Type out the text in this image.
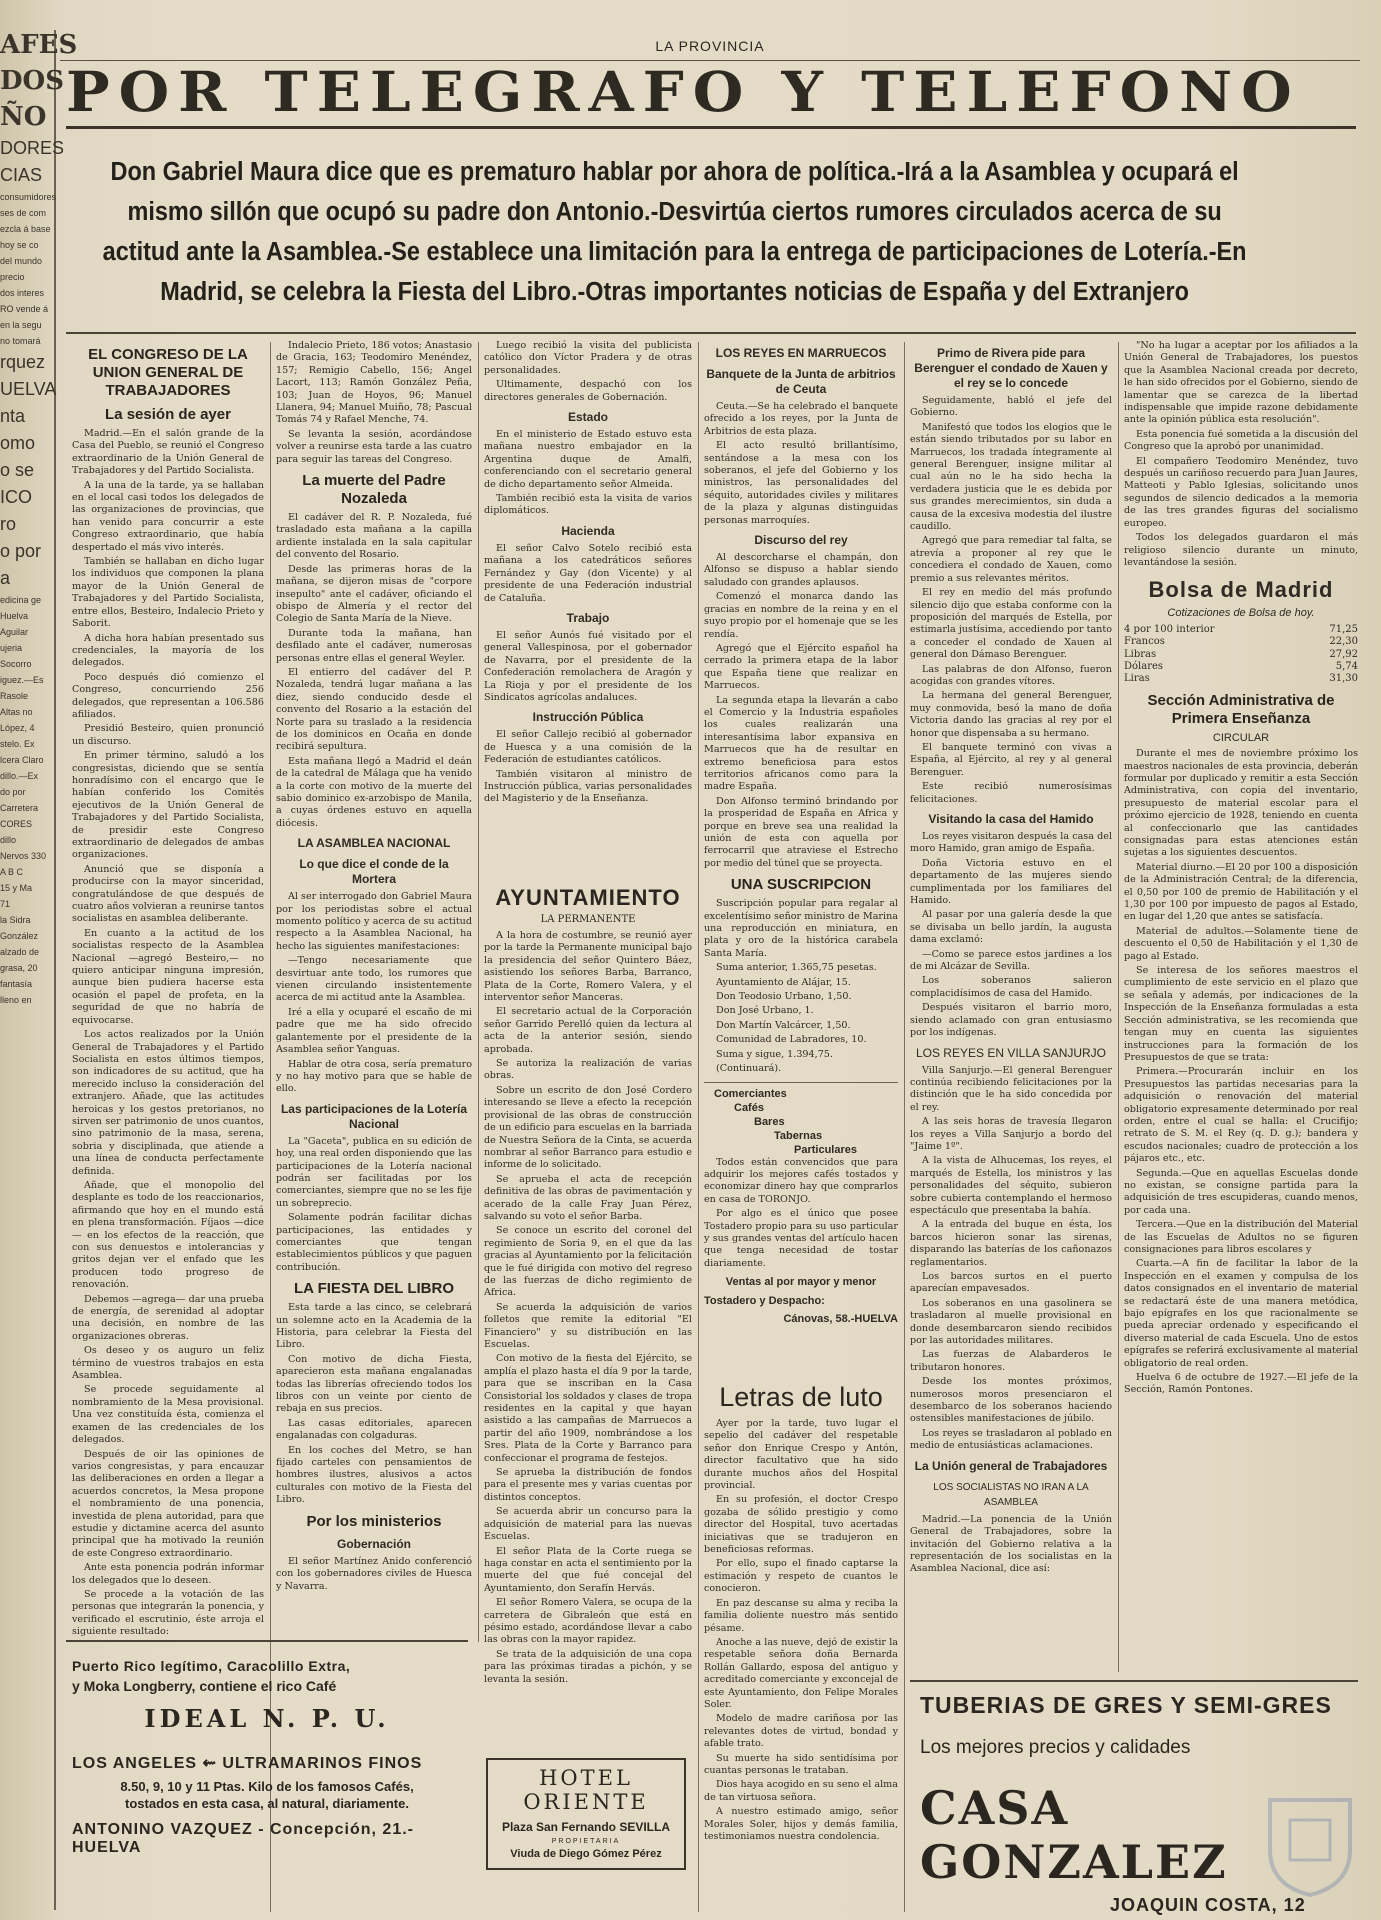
AFES
DOS
ÑO
DORES
CIAS
consumidores
ses de com
ezcla á base
hoy se co
del mundo
precio
dos interes
RO vende á
en la segu
no tomará
rquez
UELVA
nta
omo
o se
ICO
ro
o por
a
edicina ge
Huelva
Aguilar
ujeria
Socorro
iguez.—Es
Rasole
Altas no
López, 4
stelo. Ex
lcera Claro
dillo.—Ex
do por
Carretera
CORES
dillo
Nervos 330
A B C
15 y Ma
71
la Sidra
González
alzado de
grasa, 20
fantasía
lleno en
LA PROVINCIA
POR TELEGRAFO Y TELEFONO
Don Gabriel Maura dice que es prematuro hablar por ahora de política.-Irá a la Asamblea y ocupará el mismo sillón que ocupó su padre don Antonio.-Desvirtúa ciertos rumores circulados acerca de su actitud ante la Asamblea.-Se establece una limitación para la entrega de participaciones de Lotería.-En Madrid, se celebra la Fiesta del Libro.-Otras importantes noticias de España y del Extranjero
EL CONGRESO DE LA UNION GENERAL DE TRABAJADORES
La sesión de ayer

Madrid.—En el salón grande de la Casa del Pueblo, se reunió el Congreso extraordinario de la Unión General de Trabajadores y del Partido Socialista.

A la una de la tarde, ya se hallaban en el local casi todos los delegados de las organizaciones de provincias, que han venido para concurrir a este Congreso extraordinario, que había despertado el más vivo interés.

También se hallaban en dicho lugar los individuos que componen la plana mayor de la Unión General de Trabajadores y del Partido Socialista, entre ellos, Besteiro, Indalecio Prieto y Saborit.

A dicha hora habían presentado sus credenciales, la mayoría de los delegados.

Poco después dió comienzo el Congreso, concurriendo 256 delegados, que representan a 106.586 afiliados.

Presidió Besteiro, quien pronunció un discurso.

En primer término, saludó a los congresistas, diciendo que se sentía honradísimo con el encargo que le habían conferido los Comités ejecutivos de la Unión General de Trabajadores y del Partido Socialista, de presidir este Congreso extraordinario de delegados de ambas organizaciones.

Anunció que se disponía a producirse con la mayor sinceridad, congratulándose de que después de cuatro años volvieran a reunirse tantos socialistas en asamblea deliberante.

En cuanto a la actitud de los socialistas respecto de la Asamblea Nacional —agregó Besteiro,— no quiero anticipar ninguna impresión, aunque bien pudiera hacerse esta ocasión el papel de profeta, en la seguridad de que no habría de equivocarse.

Los actos realizados por la Unión General de Trabajadores y el Partido Socialista en estos últimos tiempos, son indicadores de su actitud, que ha merecido incluso la consideración del extranjero. Añade, que las actitudes heroicas y los gestos pretorianos, no sirven ser patrimonio de unos cuantos, sino patrimonio de la masa, serena, sobria y disciplinada, que atiende a una línea de conducta perfectamente definida.

Añade, que el monopolio del desplante es todo de los reaccionarios, afirmando que hoy en el mundo está en plena transformación. Fíjaos —dice— en los efectos de la reacción, que con sus denuestos e intolerancias y gritos dejan ver el enfado que les producen todo progreso de renovación.

Debemos —agrega— dar una prueba de energía, de serenidad al adoptar una decisión, en nombre de las organizaciones obreras.

Os deseo y os auguro un feliz término de vuestros trabajos en esta Asamblea.

Se procede seguidamente al nombramiento de la Mesa provisional. Una vez constituída ésta, comienza el examen de las credenciales de los delegados.

Después de oir las opiniones de varios congresistas, y para encauzar las deliberaciones en orden a llegar a acuerdos concretos, la Mesa propone el nombramiento de una ponencia, investida de plena autoridad, para que estudie y dictamine acerca del asunto principal que ha motivado la reunión de este Congreso extraordinario.

Ante esta ponencia podrán informar los delegados que lo deseen.

Se procede a la votación de las personas que integrarán la ponencia, y verificado el escrutinio, éste arroja el siguiente resultado:

Indalecio Prieto, 186 votos; Anastasio de Gracia, 163; Teodomiro Menéndez, 157; Remigio Cabello, 156; Angel Lacort, 113; Ramón González Peña, 103; Juan de Hoyos, 96; Manuel Llanera, 94; Manuel Muiño, 78; Pascual Tomás 74 y Rafael Menche, 74.

Se levanta la sesión, acordándose volver a reunirse esta tarde a las cuatro para seguir las tareas del Congreso.

La muerte del Padre Nozaleda

El cadáver del R. P. Nozaleda, fué trasladado esta mañana a la capilla ardiente instalada en la sala capitular del convento del Rosario.

Desde las primeras horas de la mañana, se dijeron misas de "corpore insepulto" ante el cadáver, oficiando el obispo de Almería y el rector del Colegio de Santa María de la Nieve.

Durante toda la mañana, han desfilado ante el cadáver, numerosas personas entre ellas el general Weyler.

El entierro del cadáver del P. Nozaleda, tendrá lugar mañana a las diez, siendo conducido desde el convento del Rosario a la estación del Norte para su traslado a la residencia de los dominicos en Ocaña en donde recibirá sepultura.

Esta mañana llegó a Madrid el deán de la catedral de Málaga que ha venido a la corte con motivo de la muerte del sabio dominico ex-arzobispo de Manila, a cuyas órdenes estuvo en aquella diócesis.

LA ASAMBLEA NACIONAL
Lo que dice el conde de la Mortera

Al ser interrogado don Gabriel Maura por los periodistas sobre el actual momento político y acerca de su actitud respecto a la Asamblea Nacional, ha hecho las siguientes manifestaciones:

—Tengo necesariamente que desvirtuar ante todo, los rumores que vienen circulando insistentemente acerca de mi actitud ante la Asamblea.

Iré a ella y ocuparé el escaño de mi padre que me ha sido ofrecido galantemente por el presidente de la Asamblea señor Yanguas.

Hablar de otra cosa, sería prematuro y no hay motivo para que se hable de ello.

Las participaciones de la Lotería Nacional

La "Gaceta", publica en su edición de hoy, una real orden disponiendo que las participaciones de la Lotería nacional podrán ser facilitadas por los comerciantes, siempre que no se les fije un sobreprecio.

Solamente podrán facilitar dichas participaciones, las entidades y comerciantes que tengan establecimientos públicos y que paguen contribución.

LA FIESTA DEL LIBRO

Esta tarde a las cinco, se celebrará un solemne acto en la Academia de la Historia, para celebrar la Fiesta del Libro.

Con motivo de dicha Fiesta, aparecieron esta mañana engalanadas todas las librerías ofreciendo todos los libros con un veinte por ciento de rebaja en sus precios.

Las casas editoriales, aparecen engalanadas con colgaduras.

En los coches del Metro, se han fijado carteles con pensamientos de hombres ilustres, alusivos a actos culturales con motivo de la Fiesta del Libro.

Por los ministerios
Gobernación

El señor Martínez Anido conferenció con los gobernadores civiles de Huesca y Navarra.

Luego recibió la visita del publicista católico don Víctor Pradera y de otras personalidades.

Ultimamente, despachó con los directores generales de Gobernación.

Estado

En el ministerio de Estado estuvo esta mañana nuestro embajador en la Argentina duque de Amalfi, conferenciando con el secretario general de dicho departamento señor Almeida.

También recibió esta la visita de varios diplomáticos.

Hacienda

El señor Calvo Sotelo recibió esta mañana a los catedráticos señores Fernández y Gay (don Vicente) y al presidente de una Federación industrial de Cataluña.

Trabajo

El señor Aunós fué visitado por el general Vallespinosa, por el gobernador de Navarra, por el presidente de la Confederación remolachera de Aragón y La Rioja y por el presidente de los Sindicatos agrícolas andaluces.

Instrucción Pública

El señor Callejo recibió al gobernador de Huesca y a una comisión de la Federación de estudiantes católicos.

También visitaron al ministro de Instrucción pública, varias personalidades del Magisterio y de la Enseñanza.

AYUNTAMIENTO
LA PERMANENTE

A la hora de costumbre, se reunió ayer por la tarde la Permanente municipal bajo la presidencia del señor Quintero Báez, asistiendo los señores Barba, Barranco, Plata de la Corte, Romero Valera, y el interventor señor Manceras.

El secretario actual de la Corporación señor Garrido Perelló quien da lectura al acta de la anterior sesión, siendo aprobada.

Se autoriza la realización de varias obras.

Sobre un escrito de don José Cordero interesando se lleve a efecto la recepción provisional de las obras de construcción de un edificio para escuelas en la barriada de Nuestra Señora de la Cinta, se acuerda nombrar al señor Barranco para estudio e informe de lo solicitado.

Se aprueba el acta de recepción definitiva de las obras de pavimentación y acerado de la calle Fray Juan Pérez, salvando su voto el señor Barba.

Se conoce un escrito del coronel del regimiento de Soria 9, en el que da las gracias al Ayuntamiento por la felicitación que le fué dirigida con motivo del regreso de las fuerzas de dicho regimiento de Africa.

Se acuerda la adquisición de varios folletos que remite la editorial "El Financiero" y su distribución en las Escuelas.

Con motivo de la fiesta del Ejército, se amplía el plazo hasta el día 9 por la tarde, para que se inscriban en la Casa Consistorial los soldados y clases de tropa residentes en la capital y que hayan asistido a las campañas de Marruecos a partir del año 1909, nombrándose a los Sres. Plata de la Corte y Barranco para confeccionar el programa de festejos.

Se aprueba la distribución de fondos para el presente mes y varias cuentas por distintos conceptos.

Se acuerda abrir un concurso para la adquisición de material para las nuevas Escuelas.

El señor Plata de la Corte ruega se haga constar en acta el sentimiento por la muerte del que fué concejal del Ayuntamiento, don Serafín Hervás.

El señor Romero Valera, se ocupa de la carretera de Gibraleón que está en pésimo estado, acordándose llevar a cabo las obras con la mayor rapidez.

Se trata de la adquisición de una copa para las próximas tiradas a pichón, y se levanta la sesión.

LOS REYES EN MARRUECOS
Banquete de la Junta de arbitrios de Ceuta

Ceuta.—Se ha celebrado el banquete ofrecido a los reyes, por la Junta de Arbitrios de esta plaza.

El acto resultó brillantísimo, sentándose a la mesa con los soberanos, el jefe del Gobierno y los ministros, las personalidades del séquito, autoridades civiles y militares de la plaza y algunas distinguidas personas marroquíes.

Discurso del rey

Al descorcharse el champán, don Alfonso se dispuso a hablar siendo saludado con grandes aplausos.

Comenzó el monarca dando las gracias en nombre de la reina y en el suyo propio por el homenaje que se les rendía.

Agregó que el Ejército español ha cerrado la primera etapa de la labor que España tiene que realizar en Marruecos.

La segunda etapa la llevarán a cabo el Comercio y la Industria españoles los cuales realizarán una interesantísima labor expansiva en Marruecos que ha de resultar en extremo beneficiosa para estos territorios africanos como para la madre España.

Don Alfonso terminó brindando por la prosperidad de España en Africa y porque en breve sea una realidad la unión de esta con aquella por ferrocarril que atraviese el Estrecho por medio del túnel que se proyecta.

UNA SUSCRIPCION

Suscripción popular para regalar al excelentísimo señor ministro de Marina una reproducción en miniatura, en plata y oro de la histórica carabela Santa María.

Suma anterior, 1.365,75 pesetas.

Ayuntamiento de Alájar, 15.

Don Teodosio Urbano, 1,50.

Don José Urbano, 1.

Don Martín Valcárcer, 1,50.

Comunidad de Labradores, 10.

Suma y sigue, 1.394,75.

(Continuará).

Comerciantes
Cafés
Bares
Tabernas
Particulares

Todos están convencidos que para adquirir los mejores cafés tostados y economizar dinero hay que comprarlos en casa de TORONJO.

Por algo es el único que posee Tostadero propio para su uso particular y sus grandes ventas del artículo hacen que tenga necesidad de tostar diariamente.

Ventas al por mayor y menor
Tostadero y Despacho:
Cánovas, 58.-HUELVA
Letras de luto

Ayer por la tarde, tuvo lugar el sepelio del cadáver del respetable señor don Enrique Crespo y Antón, director facultativo que ha sido durante muchos años del Hospital provincial.

En su profesión, el doctor Crespo gozaba de sólido prestigio y como director del Hospital, tuvo acertadas iniciativas que se tradujeron en beneficiosas reformas.

Por ello, supo el finado captarse la estimación y respeto de cuantos le conocieron.

En paz descanse su alma y reciba la familia doliente nuestro más sentido pésame.

Anoche a las nueve, dejó de existir la respetable señora doña Bernarda Rollán Gallardo, esposa del antiguo y acreditado comerciante y exconcejal de este Ayuntamiento, don Felipe Morales Soler.

Modelo de madre cariñosa por las relevantes dotes de virtud, bondad y afable trato.

Su muerte ha sido sentidísima por cuantas personas le trataban.

Dios haya acogido en su seno el alma de tan virtuosa señora.

A nuestro estimado amigo, señor Morales Soler, hijos y demás familia, testimoniamos nuestra condolencia.

Primo de Rivera pide para Berenguer el condado de Xauen y el rey se lo concede

Seguidamente, habló el jefe del Gobierno.

Manifestó que todos los elogios que le están siendo tributados por su labor en Marruecos, los tradada íntegramente al general Berenguer, insigne militar al cual aún no le ha sido hecha la verdadera justicia que le es debida por sus grandes merecimientos, sin duda a causa de la excesiva modestia del ilustre caudillo.

Agregó que para remediar tal falta, se atrevía a proponer al rey que le concediera el condado de Xauen, como premio a sus relevantes méritos.

El rey en medio del más profundo silencio dijo que estaba conforme con la proposición del marqués de Estella, por estimarla justísima, accediendo por tanto a conceder el condado de Xauen al general don Dámaso Berenguer.

Las palabras de don Alfonso, fueron acogidas con grandes vítores.

La hermana del general Berenguer, muy conmovida, besó la mano de doña Victoria dando las gracias al rey por el honor que dispensaba a su hermano.

El banquete terminó con vivas a España, al Ejército, al rey y al general Berenguer.

Este recibió numerosísimas felicitaciones.

Visitando la casa del Hamido

Los reyes visitaron después la casa del moro Hamido, gran amigo de España.

Doña Victoria estuvo en el departamento de las mujeres siendo cumplimentada por los familiares del Hamido.

Al pasar por una galería desde la que se divisaba un bello jardín, la augusta dama exclamó:

—Como se parece estos jardines a los de mi Alcázar de Sevilla.

Los soberanos salieron complacidísimos de casa del Hamido.

Después visitaron el barrio moro, siendo aclamado con gran entusiasmo por los indígenas.

LOS REYES EN VILLA SANJURJO

Villa Sanjurjo.—El general Berenguer continúa recibiendo felicitaciones por la distinción que le ha sido concedida por el rey.

A las seis horas de travesía llegaron los reyes a Villa Sanjurjo a bordo del "Jaime 1º".

A la vista de Alhucemas, los reyes, el marqués de Estella, los ministros y las personalidades del séquito, subieron sobre cubierta contemplando el hermoso espectáculo que presentaba la bahía.

A la entrada del buque en ésta, los barcos hicieron sonar las sirenas, disparando las baterías de los cañonazos reglamentarios.

Los barcos surtos en el puerto aparecían empavesados.

Los soberanos en una gasolinera se trasladaron al muelle provisional en donde desembarcaron siendo recibidos por las autoridades militares.

Las fuerzas de Alabarderos le tributaron honores.

Desde los montes próximos, numerosos moros presenciaron el desembarco de los soberanos haciendo ostensibles manifestaciones de júbilo.

Los reyes se trasladaron al poblado en medio de entusiásticas aclamaciones.

La Unión general de Trabajadores
LOS SOCIALISTAS NO IRAN A LA ASAMBLEA

Madrid.—La ponencia de la Unión General de Trabajadores, sobre la invitación del Gobierno relativa a la representación de los socialistas en la Asamblea Nacional, dice así:

"No ha lugar a aceptar por los afiliados a la Unión General de Trabajadores, los puestos que la Asamblea Nacional creada por decreto, le han sido ofrecidos por el Gobierno, siendo de lamentar que se carezca de la libertad indispensable que impide razone debidamente ante la opinión pública esta resolución".

Esta ponencia fué sometida a la discusión del Congreso que la aprobó por unanimidad.

El compañero Teodomiro Menéndez, tuvo después un cariñoso recuerdo para Juan Jaures, Matteoti y Pablo Iglesias, solicitando unos segundos de silencio dedicados a la memoria de las tres grandes figuras del socialismo europeo.

Todos los delegados guardaron el más religioso silencio durante un minuto, levantándose la sesión.

Bolsa de Madrid
Cotizaciones de Bolsa de hoy.
4 por 100 interior	71,25
Francos	22,30
Libras	27,92
Dólares	5,74
Liras	31,30
Sección Administrativa de Primera Enseñanza
CIRCULAR

Durante el mes de noviembre próximo los maestros nacionales de esta provincia, deberán formular por duplicado y remitir a esta Sección Administrativa, con copia del inventario, presupuesto de material escolar para el próximo ejercicio de 1928, teniendo en cuenta al confeccionarlo que las cantidades consignadas para estas atenciones están sujetas a los siguientes descuentos.

Material diurno.—El 20 por 100 a disposición de la Administración Central; de la diferencia, el 0,50 por 100 de premio de Habilitación y el 1,30 por 100 por impuesto de pagos al Estado, en lugar del 1,20 que antes se satisfacía.

Material de adultos.—Solamente tiene de descuento el 0,50 de Habilitación y el 1,30 de pago al Estado.

Se interesa de los señores maestros el cumplimiento de este servicio en el plazo que se señala y además, por indicaciones de la Inspección de la Enseñanza formuladas a esta Sección administrativa, se les recomienda que tengan muy en cuenta las siguientes instrucciones para la formación de los Presupuestos de que se trata:

Primera.—Procurarán incluir en los Presupuestos las partidas necesarias para la adquisición o renovación del material obligatorio expresamente determinado por real orden, entre el cual se halla: el Crucifijo; retrato de S. M. el Rey (q. D. g.); bandera y escudos nacionales; cuadro de protección a los pájaros etc., etc.

Segunda.—Que en aquellas Escuelas donde no existan, se consigne partida para la adquisición de tres escupideras, cuando menos, por cada una.

Tercera.—Que en la distribución del Material de las Escuelas de Adultos no se figuren consignaciones para libros escolares y

Cuarta.—A fin de facilitar la labor de la Inspección en el examen y compulsa de los datos consignados en el inventario de material se redactará éste de una manera metódica, bajo epígrafes en los que racionalmente se pueda apreciar ordenado y especificando el diverso material de cada Escuela. Uno de estos epígrafes se referirá exclusivamente al material obligatorio de real orden.

Huelva 6 de octubre de 1927.—El jefe de la Sección, Ramón Pontones.

Puerto Rico legítimo, Caracolillo Extra,
y Moka Longberry, contiene el rico Café
IDEAL N. P. U.
LOS ANGELES ⇜ ULTRAMARINOS FINOS
8.50, 9, 10 y 11 Ptas. Kilo de los famosos Cafés,
tostados en esta casa, al natural, diariamente.
ANTONINO VAZQUEZ - Concepción, 21.-HUELVA
HOTEL ORIENTE
Plaza San Fernando SEVILLA
PROPIETARIA
Viuda de Diego Gómez Pérez
TUBERIAS DE GRES Y SEMI-GRES
Los mejores precios y calidades
CASA GONZALEZ
JOAQUIN COSTA, 12
